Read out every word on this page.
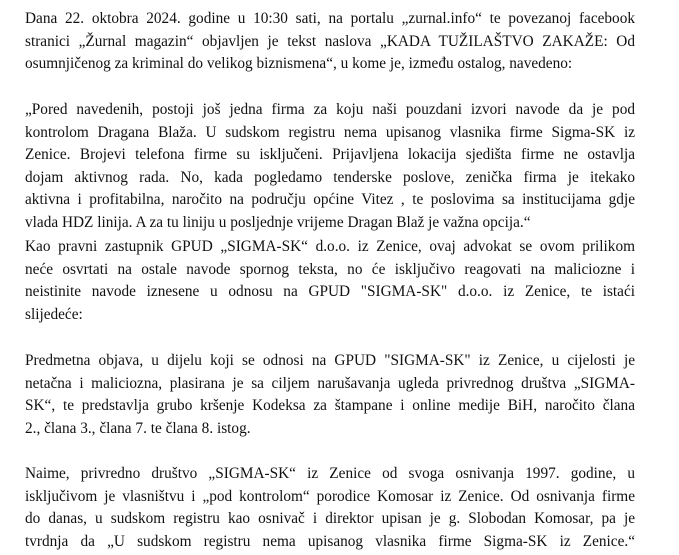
Dana 22. oktobra 2024. godine u 10:30 sati, na portalu „zurnal.info“ te povezanoj facebook
stranici „Žurnal magazin“ objavljen je tekst naslova „KADA TUŽILAŠTVO ZAKAŽE: Od
osumnjičenog za kriminal do velikog biznismena“, u kome je, između ostalog, navedeno:

„Pored navedenih, postoji još jedna firma za koju naši pouzdani izvori navode da je pod
kontrolom Dragana Blaža. U sudskom registru nema upisanog vlasnika firme Sigma-SK iz
Zenice. Brojevi telefona firme su isključeni. Prijavljena lokacija sjedišta firme ne ostavlja
dojam aktivnog rada. No, kada pogledamo tenderske poslove, zenička firma je itekako
aktivna i profitabilna, naročito na području općine Vitez , te poslovima sa institucijama gdje
vlada HDZ linija. A za tu liniju u posljednje vrijeme Dragan Blaž je važna opcija.“

Kao pravni zastupnik GPUD „SIGMA-SK“ d.o.o. iz Zenice, ovaj advokat se ovom prilikom
neće osvrtati na ostale navode spornog teksta, no će isključivo reagovati na maliciozne i
neistinite navode iznesene u odnosu na GPUD "SIGMA-SK" d.o.o. iz Zenice, te istaći
slijedeće:

Predmetna objava, u dijelu koji se odnosi na GPUD "SIGMA-SK" iz Zenice, u cijelosti je
netačna i maliciozna, plasirana je sa ciljem narušavanja ugleda privrednog društva „SIGMA-
SK“, te predstavlja grubo kršenje Kodeksa za štampane i online medije BiH, naročito člana
2., člana 3., člana 7. te člana 8. istog.

Naime, privredno društvo „SIGMA-SK“ iz Zenice od svoga osnivanja 1997. godine, u
isključivom je vlasništvu i „pod kontrolom“ porodice Komosar iz Zenice. Od osnivanja firme
do danas, u sudskom registru kao osnivač i direktor upisan je g. Slobodan Komosar, pa je
tvrdnja da „U sudskom registru nema upisanog vlasnika firme Sigma-SK iz Zenice.“
